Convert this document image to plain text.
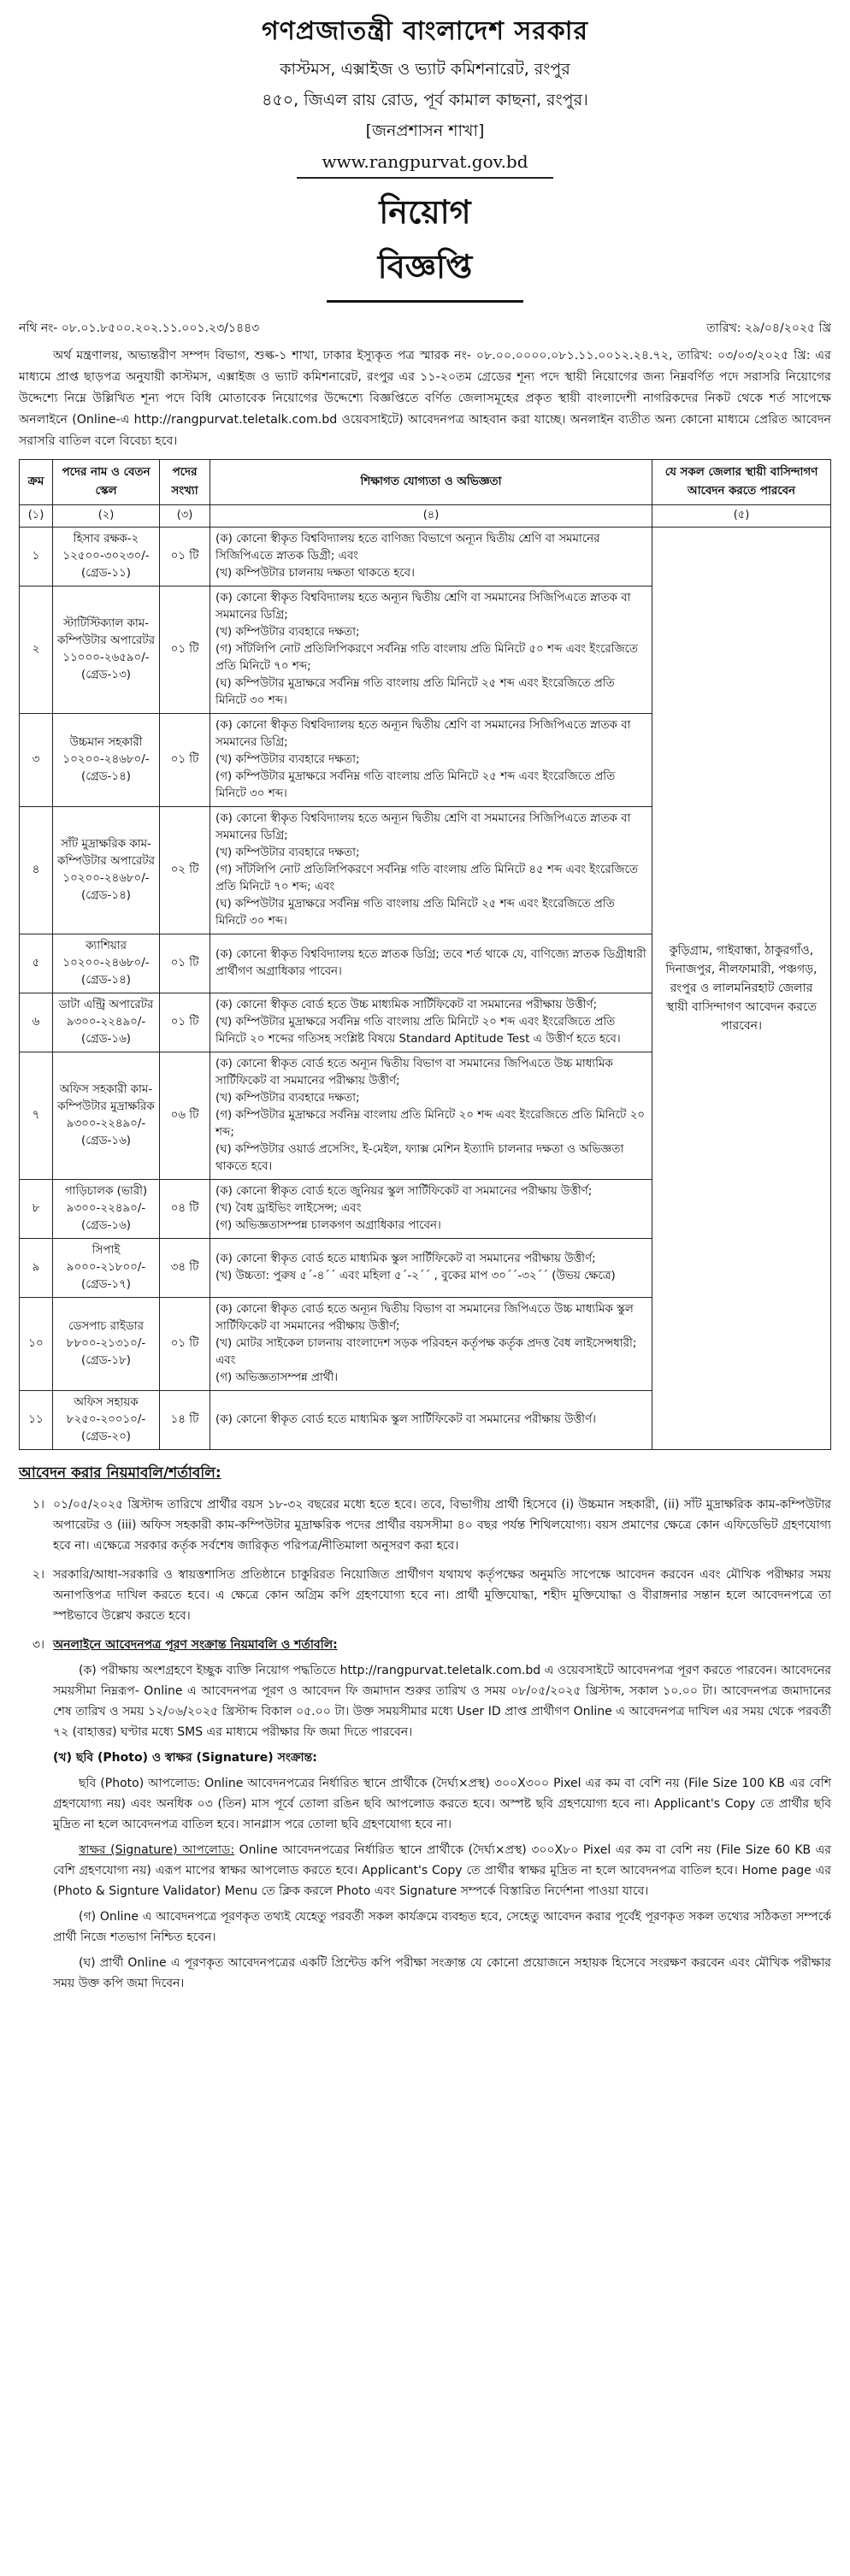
গণপ্রজাতন্ত্রী বাংলাদেশ সরকার

কাস্টমস, এক্সাইজ ও ভ্যাট কমিশনারেট, রংপুর

৪৫০, জিএল রায় রোড, পূর্ব কামাল কাছনা, রংপুর।

[জনপ্রশাসন শাখা]

www.rangpurvat.gov.bd

নিয়োগ বিজ্ঞপ্তি
নথি নং- ০৮.০১.৮৫০০.২০২.১১.০০১.২৩/১৪৪৩	তারিখ: ২৯/০৪/২০২৫ খ্রি
অর্থ মন্ত্রণালয়, অভ্যন্তরীণ সম্পদ বিভাগ, শুল্ক-১ শাখা, ঢাকার ইস্যুকৃত পত্র স্মারক নং- ০৮.০০.০০০০.০৮১.১১.০০১২.২৪.৭২, তারিখ: ০৩/০৩/২০২৫ খ্রি: এর মাধ্যমে প্রাপ্ত ছাড়পত্র অনুযায়ী কাস্টমস, এক্সাইজ ও ভ্যাট কমিশনারেট, রংপুর এর ১১-২০তম গ্রেডের শূন্য পদে স্থায়ী নিয়োগের জন্য নিম্নবর্ণিত পদে সরাসরি নিয়োগের উদ্দেশ্যে নিম্নে উল্লিখিত শূন্য পদে বিধি মোতাবেক নিয়োগের উদ্দেশ্যে বিজ্ঞপ্তিতে বর্ণিত জেলাসমূহের প্রকৃত স্থায়ী বাংলাদেশী নাগরিকদের নিকট থেকে শর্ত সাপেক্ষে অনলাইনে (Online-এ http://rangpurvat.teletalk.com.bd ওয়েবসাইটে) আবেদনপত্র আহবান করা যাচ্ছে। অনলাইন ব্যতীত অন্য কোনো মাধ্যমে প্রেরিত আবেদন সরাসরি বাতিল বলে বিবেচ্য হবে।
ক্রম	পদের নাম ও বেতন স্কেল	পদের সংখ্যা	শিক্ষাগত যোগ্যতা ও অভিজ্ঞতা	যে সকল জেলার স্থায়ী বাসিন্দাগণ আবেদন করতে পারবেন
(১)	(২)	(৩)	(৪)	(৫)
১	হিসাব রক্ষক-২ ১২৫০০-৩০২৩০/- (গ্রেড-১১)	০১ টি	(ক) কোনো স্বীকৃত বিশ্ববিদ্যালয় হতে বাণিজ্য বিভাগে অন্যূন দ্বিতীয় শ্রেণি বা সমমানের সিজিপিএতে স্নাতক ডিগ্রী; এবং
(খ) কম্পিউটার চালনায় দক্ষতা থাকতে হবে।	কুড়িগ্রাম, গাইবান্ধা, ঠাকুরগাঁও, দিনাজপুর, নীলফামারী, পঞ্চগড়, রংপুর ও লালমনিরহাট জেলার স্থায়ী বাসিন্দাগণ আবেদন করতে পারবেন।
২	স্টাটিস্টিক্যাল কাম-কম্পিউটার অপারেটর ১১০০০-২৬৫৯০/- (গ্রেড-১৩)	০১ টি	(ক) কোনো স্বীকৃত বিশ্ববিদ্যালয় হতে অন্যূন দ্বিতীয় শ্রেণি বা সমমানের সিজিপিএতে স্নাতক বা সমমানের ডিগ্রি;
(খ) কম্পিউটার ব্যবহারে দক্ষতা;
(গ) সাঁটলিপি নোট প্রতিলিপিকরণে সর্বনিম্ন গতি বাংলায় প্রতি মিনিটে ৫০ শব্দ এবং ইংরেজিতে প্রতি মিনিটে ৭০ শব্দ;
(ঘ) কম্পিউটার মুদ্রাক্ষরে সর্বনিম্ন গতি বাংলায় প্রতি মিনিটে ২৫ শব্দ এবং ইংরেজিতে প্রতি মিনিটে ৩০ শব্দ।	

৩	উচ্চমান সহকারী ১০২০০-২৪৬৮০/- (গ্রেড-১৪)	০১ টি	(ক) কোনো স্বীকৃত বিশ্ববিদ্যালয় হতে অন্যূন দ্বিতীয় শ্রেণি বা সমমানের সিজিপিএতে স্নাতক বা সমমানের ডিগ্রি;
(খ) কম্পিউটার ব্যবহারে দক্ষতা;
(গ) কম্পিউটার মুদ্রাক্ষরে সর্বনিম্ন গতি বাংলায় প্রতি মিনিটে ২৫ শব্দ এবং ইংরেজিতে প্রতি মিনিটে ৩০ শব্দ।	

৪	সাঁট মুদ্রাক্ষরিক কাম-কম্পিউটার অপারেটর ১০২০০-২৪৬৮০/- (গ্রেড-১৪)	০২ টি	(ক) কোনো স্বীকৃত বিশ্ববিদ্যালয় হতে অন্যূন দ্বিতীয় শ্রেণি বা সমমানের সিজিপিএতে স্নাতক বা সমমানের ডিগ্রি;
(খ) কম্পিউটার ব্যবহারে দক্ষতা;
(গ) সাঁটলিপি নোট প্রতিলিপিকরণে সর্বনিম্ন গতি বাংলায় প্রতি মিনিটে ৪৫ শব্দ এবং ইংরেজিতে প্রতি মিনিটে ৭০ শব্দ; এবং
(ঘ) কম্পিউটার মুদ্রাক্ষরে সর্বনিম্ন গতি বাংলায় প্রতি মিনিটে ২৫ শব্দ এবং ইংরেজিতে প্রতি মিনিটে ৩০ শব্দ।	

৫	ক্যাশিয়ার ১০২০০-২৪৬৮০/- (গ্রেড-১৪)	০১ টি	(ক) কোনো স্বীকৃত বিশ্ববিদ্যালয় হতে স্নাতক ডিগ্রি; তবে শর্ত থাকে যে, বাণিজ্যে স্নাতক ডিগ্রীধারী প্রার্থীগণ অগ্রাধিকার পাবেন।	

৬	ডাটা এন্ট্রি অপারেটর ৯৩০০-২২৪৯০/- (গ্রেড-১৬)	০১ টি	(ক) কোনো স্বীকৃত বোর্ড হতে উচ্চ মাধ্যমিক সার্টিফিকেট বা সমমানের পরীক্ষায় উত্তীর্ণ;
(খ) কম্পিউটার মুদ্রাক্ষরে সর্বনিম্ন গতি বাংলায় প্রতি মিনিটে ২০ শব্দ এবং ইংরেজিতে প্রতি মিনিটে ২০ শব্দের গতিসহ সংশ্লিষ্ট বিষয়ে Standard Aptitude Test এ উত্তীর্ণ হতে হবে।	

৭	অফিস সহকারী কাম-কম্পিউটার মুদ্রাক্ষরিক ৯৩০০-২২৪৯০/- (গ্রেড-১৬)	০৬ টি	(ক) কোনো স্বীকৃত বোর্ড হতে অন্যূন দ্বিতীয় বিভাগ বা সমমানের জিপিএতে উচ্চ মাধ্যমিক সার্টিফিকেট বা সমমানের পরীক্ষায় উত্তীর্ণ;
(খ) কম্পিউটার ব্যবহারে দক্ষতা;
(গ) কম্পিউটার মুদ্রাক্ষরে সর্বনিম্ন বাংলায় প্রতি মিনিটে ২০ শব্দ এবং ইংরেজিতে প্রতি মিনিটে ২০ শব্দ;
(ঘ) কম্পিউটার ওয়ার্ড প্রসেসিং, ই-মেইল, ফ্যাক্স মেশিন ইত্যাদি চালনার দক্ষতা ও অভিজ্ঞতা থাকতে হবে।	

৮	গাড়িচালক (ভারী) ৯৩০০-২২৪৯০/- (গ্রেড-১৬)	০৪ টি	(ক) কোনো স্বীকৃত বোর্ড হতে জুনিয়র স্কুল সার্টিফিকেট বা সমমানের পরীক্ষায় উত্তীর্ণ;
(খ) বৈধ ড্রাইভিং লাইসেন্স; এবং
(গ) অভিজ্ঞতাসম্পন্ন চালকগণ অগ্রাধিকার পাবেন।	

৯	সিপাই ৯০০০-২১৮০০/- (গ্রেড-১৭)	৩৪ টি	(ক) কোনো স্বীকৃত বোর্ড হতে মাধ্যমিক স্কুল সার্টিফিকেট বা সমমানের পরীক্ষায় উত্তীর্ণ;
(খ) উচ্চতা: পুরুষ ৫´-৪´´ এবং মহিলা ৫´-২´´ , বুকের মাপ ৩০´´-৩২´´ (উভয় ক্ষেত্রে)	

১০	ডেসপাচ রাইডার ৮৮০০-২১৩১০/- (গ্রেড-১৮)	০১ টি	(ক) কোনো স্বীকৃত বোর্ড হতে অন্যূন দ্বিতীয় বিভাগ বা সমমানের জিপিএতে উচ্চ মাধ্যমিক স্কুল সার্টিফিকেট বা সমমানের পরীক্ষায় উত্তীর্ণ;
(খ) মোটর সাইকেল চালনায় বাংলাদেশ সড়ক পরিবহন কর্তৃপক্ষ কর্তৃক প্রদত্ত বৈধ লাইসেন্সধারী; এবং
(গ) অভিজ্ঞতাসম্পন্ন প্রার্থী।	

১১	অফিস সহায়ক ৮২৫০-২০০১০/- (গ্রেড-২০)	১৪ টি	(ক) কোনো স্বীকৃত বোর্ড হতে মাধ্যমিক স্কুল সার্টিফিকেট বা সমমানের পরীক্ষায় উত্তীর্ণ।	
আবেদন করার নিয়মাবলি/শর্তাবলি:
১। ০১/০৫/২০২৫ খ্রিস্টাব্দ তারিখে প্রার্থীর বয়স ১৮-৩২ বছরের মধ্যে হতে হবে। তবে, বিভাগীয় প্রার্থী হিসেবে (i) উচ্চমান সহকারী, (ii) সাঁট মুদ্রাক্ষরিক কাম-কম্পিউটার অপারেটর ও (iii) অফিস সহকারী কাম-কম্পিউটার মুদ্রাক্ষরিক পদের প্রার্থীর বয়সসীমা ৪০ বছর পর্যন্ত শিথিলযোগ্য। বয়স প্রমাণের ক্ষেত্রে কোন এফিডেভিট গ্রহণযোগ্য হবে না। এক্ষেত্রে সরকার কর্তৃক সর্বশেষ জারিকৃত পরিপত্র/নীতিমালা অনুসরণ করা হবে।
২। সরকারি/আধা-সরকারি ও স্বায়ত্তশাসিত প্রতিষ্ঠানে চাকুরিরত নিয়োজিত প্রার্থীগণ যথাযথ কর্তৃপক্ষের অনুমতি সাপেক্ষে আবেদন করবেন এবং মৌখিক পরীক্ষার সময় অনাপত্তিপত্র দাখিল করতে হবে। এ ক্ষেত্রে কোন অগ্রিম কপি গ্রহণযোগ্য হবে না। প্রার্থী মুক্তিযোদ্ধা, শহীদ মুক্তিযোদ্ধা ও বীরাঙ্গনার সন্তান হলে আবেদনপত্রে তা স্পষ্টভাবে উল্লেখ করতে হবে।
৩। অনলাইনে আবেদনপত্র পূরণ সংক্রান্ত নিয়মাবলি ও শর্তাবলি:
(ক) পরীক্ষায় অংশগ্রহণে ইচ্ছুক ব্যক্তি নিয়োগ পদ্ধতিতে http://rangpurvat.teletalk.com.bd এ ওয়েবসাইটে আবেদনপত্র পূরণ করতে পারবেন। আবেদনের সময়সীমা নিম্নরূপ- Online এ আবেদনপত্র পূরণ ও আবেদন ফি জমাদান শুরুর তারিখ ও সময় ০৮/০৫/২০২৫ খ্রিস্টাব্দ, সকাল ১০.০০ টা। আবেদনপত্র জমাদানের শেষ তারিখ ও সময় ১২/০৬/২০২৫ খ্রিস্টাব্দ বিকাল ০৫.০০ টা। উক্ত সময়সীমার মধ্যে User ID প্রাপ্ত প্রার্থীগণ Online এ আবেদনপত্র দাখিল এর সময় থেকে পরবর্তী ৭২ (বাহাত্তর) ঘণ্টার মধ্যে SMS এর মাধ্যমে পরীক্ষার ফি জমা দিতে পারবেন।
(খ) ছবি (Photo) ও স্বাক্ষর (Signature) সংক্রান্ত:
ছবি (Photo) আপলোড: Online আবেদনপত্রের নির্ধারিত স্থানে প্রার্থীকে (দৈর্ঘ্য×প্রস্থ) ৩০০X৩০০ Pixel এর কম বা বেশি নয় (File Size 100 KB এর বেশি গ্রহণযোগ্য নয়) এবং অনধিক ০৩ (তিন) মাস পূর্বে তোলা রঙিন ছবি আপলোড করতে হবে। অস্পষ্ট ছবি গ্রহণযোগ্য হবে না। Applicant's Copy তে প্রার্থীর ছবি মুদ্রিত না হলে আবেদনপত্র বাতিল হবে। সানগ্লাস পরে তোলা ছবি গ্রহণযোগ্য হবে না।
স্বাক্ষর (Signature) আপলোড: Online আবেদনপত্রের নির্ধারিত স্থানে প্রার্থীকে (দৈর্ঘ্য×প্রস্থ) ৩০০X৮০ Pixel এর কম বা বেশি নয় (File Size 60 KB এর বেশি গ্রহণযোগ্য নয়) এরূপ মাপের স্বাক্ষর আপলোড করতে হবে। Applicant's Copy তে প্রার্থীর স্বাক্ষর মুদ্রিত না হলে আবেদনপত্র বাতিল হবে। Home page এর (Photo & Signture Validator) Menu তে ক্লিক করলে Photo এবং Signature সম্পর্কে বিস্তারিত নির্দেশনা পাওয়া যাবে।
(গ) Online এ আবেদনপত্রে পূরণকৃত তথ্যই যেহেতু পরবর্তী সকল কার্যক্রমে ব্যবহৃত হবে, সেহেতু আবেদন করার পূর্বেই পূরণকৃত সকল তথ্যের সঠিকতা সম্পর্কে প্রার্থী নিজে শতভাগ নিশ্চিত হবেন।
(ঘ) প্রার্থী Online এ পূরণকৃত আবেদনপত্রের একটি প্রিন্টেড কপি পরীক্ষা সংক্রান্ত যে কোনো প্রয়োজনে সহায়ক হিসেবে সংরক্ষণ করবেন এবং মৌখিক পরীক্ষার সময় উক্ত কপি জমা দিবেন।
